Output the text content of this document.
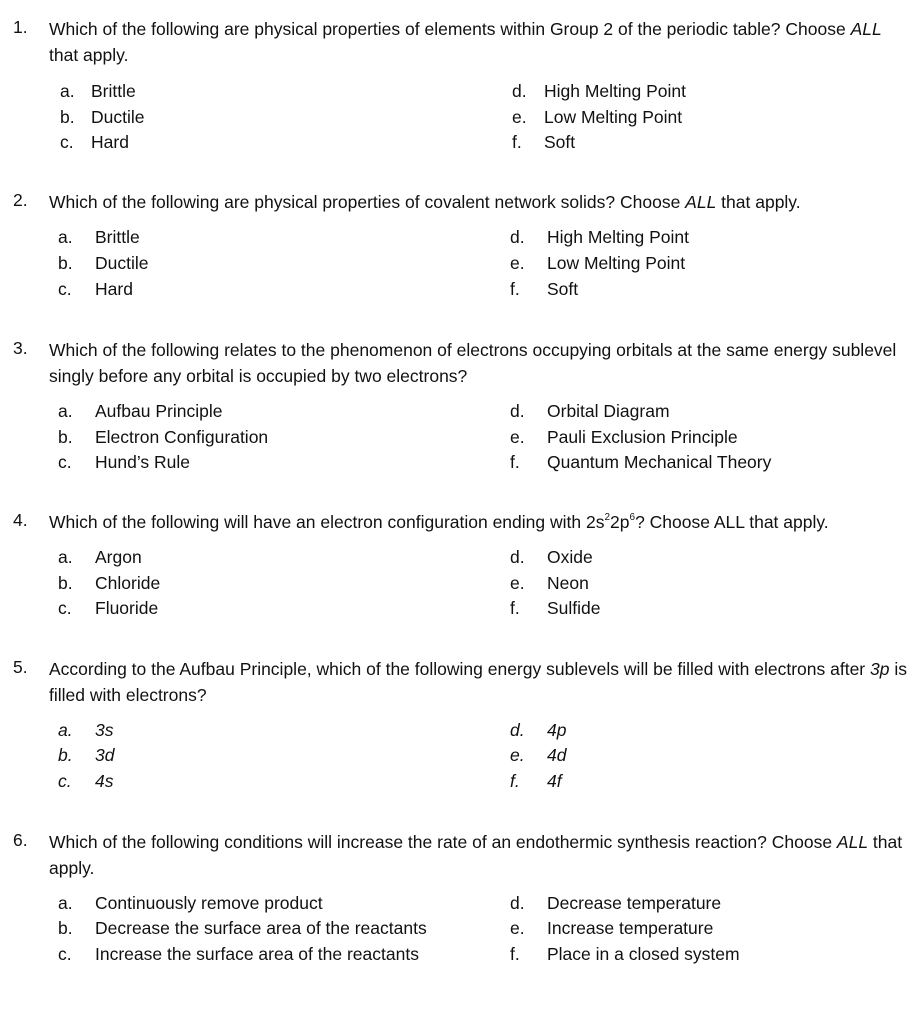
1. Which of the following are physical properties of elements within Group 2 of the periodic table? Choose ALL that apply.
a. Brittle
b. Ductile
c. Hard
d. High Melting Point
e. Low Melting Point
f. Soft
2. Which of the following are physical properties of covalent network solids? Choose ALL that apply.
a. Brittle
b. Ductile
c. Hard
d. High Melting Point
e. Low Melting Point
f. Soft
3. Which of the following relates to the phenomenon of electrons occupying orbitals at the same energy sublevel singly before any orbital is occupied by two electrons?
a. Aufbau Principle
b. Electron Configuration
c. Hund’s Rule
d. Orbital Diagram
e. Pauli Exclusion Principle
f. Quantum Mechanical Theory
4. Which of the following will have an electron configuration ending with $2s^22p^6$? Choose ALL that apply.
a. Argon
b. Chloride
c. Fluoride
d. Oxide
e. Neon
f. Sulfide
5. According to the Aufbau Principle, which of the following energy sublevels will be filled with electrons after 3p is filled with electrons?
a. 3s
b. 3d
c. 4s
d. 4p
e. 4d
f. 4f
6. Which of the following conditions will increase the rate of an endothermic synthesis reaction? Choose ALL that apply.
a. Continuously remove product
b. Decrease the surface area of the reactants
c. Increase the surface area of the reactants
d. Decrease temperature
e. Increase temperature
f. Place in a closed system
